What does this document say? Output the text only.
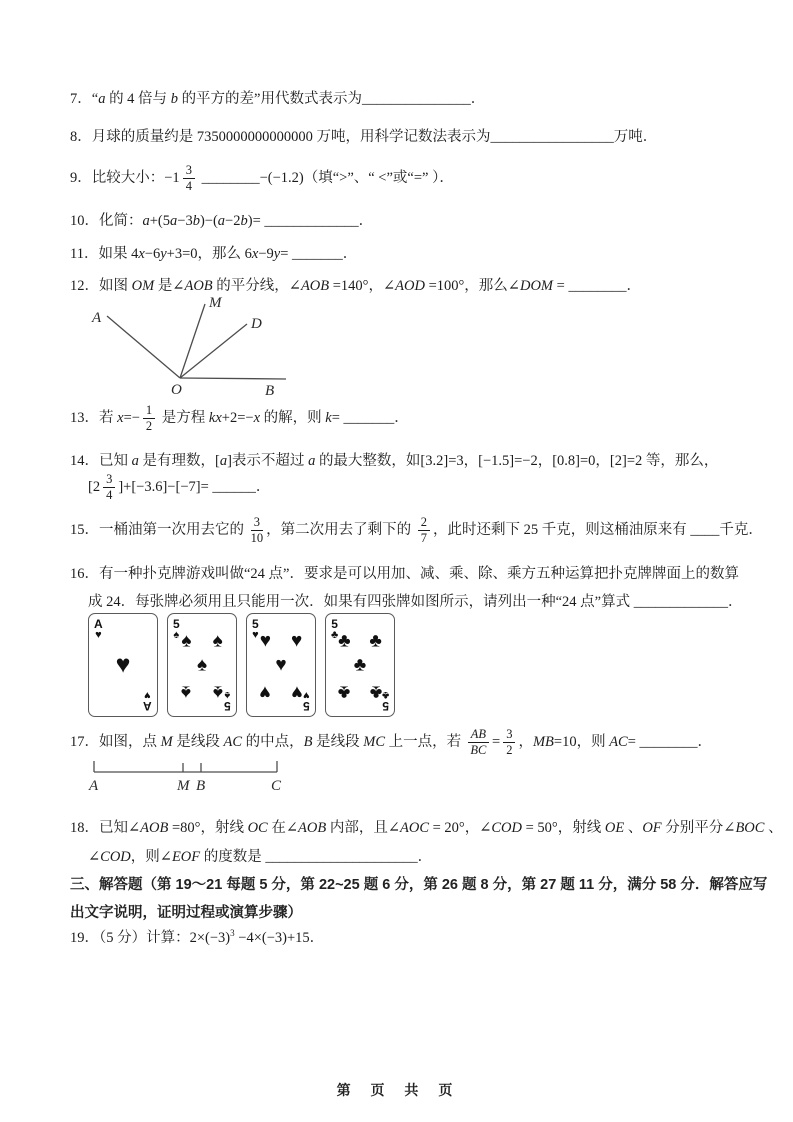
7．“a 的 4 倍与 b 的平方的差”用代数式表示为_______________．

8．月球的质量约是 7350000000000000 万吨，用科学记数法表示为_________________万吨．

9．比较大小：$-1 \frac{3}{4}$ ________−(−1.2)（填“>”、“ <”或“=” ）．

10．化简：a+(5a−3b)−(a−2b)= _____________．

11．如果 4x−6y+3=0，那么 6x−9y= _______．

12．如图 OM 是∠AOB 的平分线，∠AOB =140°，∠AOD =100°，那么∠DOM = ________．

A
M
D
O	B

13．若 $x=- \frac{1}{2}$ 是方程 kx+2=−x 的解，则 k= _______．

14．已知 a 是有理数，[a]表示不超过 a 的最大整数，如[3.2]=3，[−1.5]=−2，[0.8]=0，[2]=2 等，那么，

$[2 \frac{3}{4} ]+[-3.6]-[-7]=$ ______．

15．一桶油第一次用去它的 $\frac{3}{10}$ ，第二次用去了剩下的 $\frac{2}{7}$ ，此时还剩下 25 千克，则这桶油原来有 ____千克．

16．有一种扑克牌游戏叫做“24 点”．要求是可以用加、减、乘、除、乘方五种运算把扑克牌牌面上的数算

成 24．每张牌必须用且只能用一次．如果有四张牌如图所示，请列出一种“24 点”算式 _____________．

A
♥
♥
A
♥
5
♠ ♠ ♠
♠
♠ ♠
5
♠
5
♥ ♥ ♥
♥
♥ ♥
5
♥
5
♣ ♣ ♣
♣
♣ ♣
5
♣

17．如图，点 M 是线段 AC 的中点，B 是线段 MC 上一点，若 $\frac{AB}{BC} = \frac{3}{2}$ ，MB=10，则 AC= ________．

A	M B	C

18．已知∠AOB =80°，射线 OC 在∠AOB 内部，且∠AOC = 20°，∠COD = 50°，射线 OE 、OF 分别平分∠BOC 、

∠COD，则∠EOF 的度数是 _____________________．

三、解答题（第 19～21 每题 5 分，第 22~25 题 6 分，第 26 题 8 分，第 27 题 11 分，满分 58 分．解答应写

出文字说明，证明过程或演算步骤）

19．（5 分）计算：$2\times(-3)^3 -4\times(-3)+15$．

第 页 共 页
